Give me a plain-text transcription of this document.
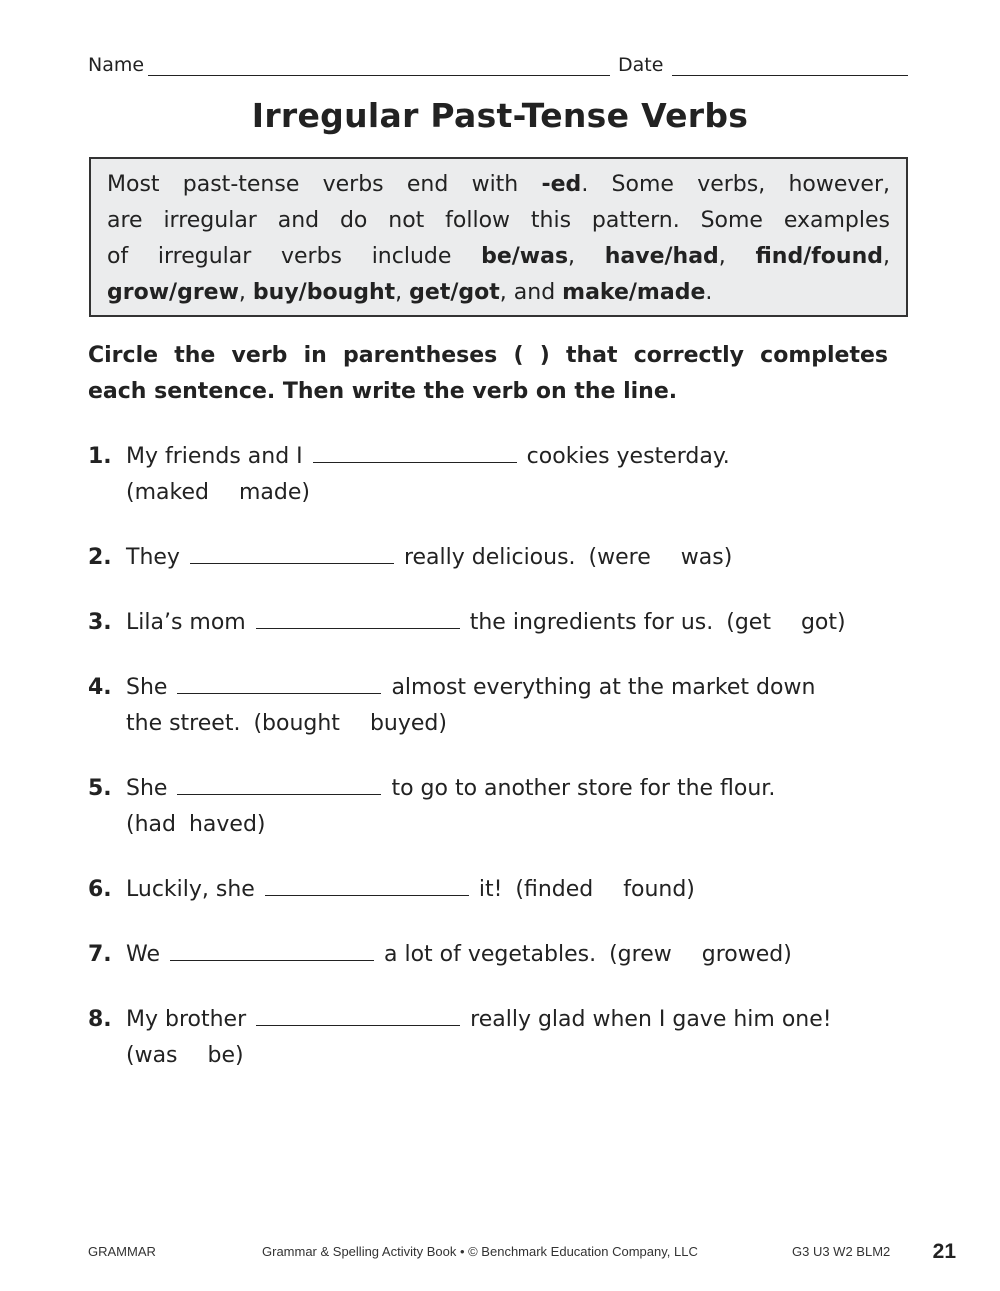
Name	Date
Irregular Past-Tense Verbs
Most past-tense verbs end with -ed. Some verbs, however,
are irregular and do not follow this pattern. Some examples
of irregular verbs include be/was, have/had, find/found,
grow/grew, buy/bought, get/got, and make/made.
Circle the verb in parentheses ( ) that correctly completes
each sentence. Then write the verb on the line.
1. My friends and I	cookies yesterday.
(maked made)
2. They	really delicious. (were was)
3. Lila’s mom	the ingredients for us. (get got)
4. She	almost everything at the market down
the street. (bought buyed)
5. She	to go to another store for the flour.
(had haved)
6. Luckily, she	it! (finded found)
7. We	a lot of vegetables. (grew growed)
8. My brother	really glad when I gave him one!
(was be)
GRAMMAR	Grammar & Spelling Activity Book • © Benchmark Education Company, LLC	G3 U3 W2 BLM2 21
